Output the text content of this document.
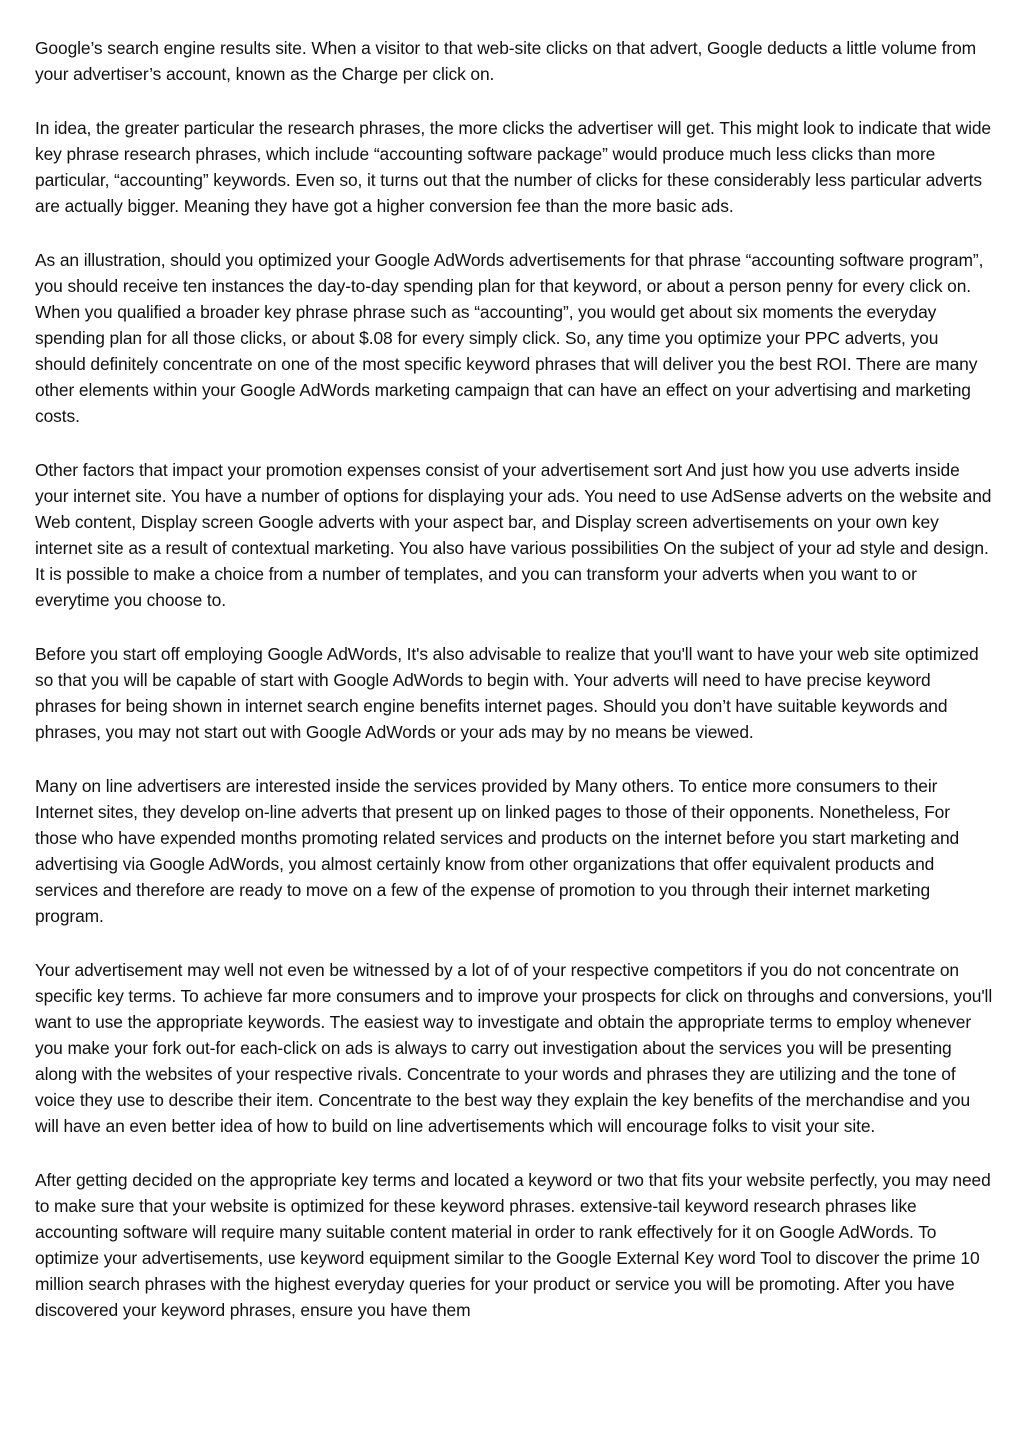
Google’s search engine results site. When a visitor to that web-site clicks on that advert, Google deducts a little volume from your advertiser’s account, known as the Charge per click on.

In idea, the greater particular the research phrases, the more clicks the advertiser will get. This might look to indicate that wide key phrase research phrases, which include “accounting software package” would produce much less clicks than more particular, “accounting” keywords. Even so, it turns out that the number of clicks for these considerably less particular adverts are actually bigger. Meaning they have got a higher conversion fee than the more basic ads.

As an illustration, should you optimized your Google AdWords advertisements for that phrase “accounting software program”, you should receive ten instances the day-to-day spending plan for that keyword, or about a person penny for every click on. When you qualified a broader key phrase phrase such as “accounting”, you would get about six moments the everyday spending plan for all those clicks, or about $.08 for every simply click. So, any time you optimize your PPC adverts, you should definitely concentrate on one of the most specific keyword phrases that will deliver you the best ROI. There are many other elements within your Google AdWords marketing campaign that can have an effect on your advertising and marketing costs.

Other factors that impact your promotion expenses consist of your advertisement sort And just how you use adverts inside your internet site. You have a number of options for displaying your ads. You need to use AdSense adverts on the website and Web content, Display screen Google adverts with your aspect bar, and Display screen advertisements on your own key internet site as a result of contextual marketing. You also have various possibilities On the subject of your ad style and design. It is possible to make a choice from a number of templates, and you can transform your adverts when you want to or everytime you choose to.

Before you start off employing Google AdWords, It's also advisable to realize that you'll want to have your web site optimized so that you will be capable of start with Google AdWords to begin with. Your adverts will need to have precise keyword phrases for being shown in internet search engine benefits internet pages. Should you don’t have suitable keywords and phrases, you may not start out with Google AdWords or your ads may by no means be viewed.

Many on line advertisers are interested inside the services provided by Many others. To entice more consumers to their Internet sites, they develop on-line adverts that present up on linked pages to those of their opponents. Nonetheless, For those who have expended months promoting related services and products on the internet before you start marketing and advertising via Google AdWords, you almost certainly know from other organizations that offer equivalent products and services and therefore are ready to move on a few of the expense of promotion to you through their internet marketing program.

Your advertisement may well not even be witnessed by a lot of of your respective competitors if you do not concentrate on specific key terms. To achieve far more consumers and to improve your prospects for click on throughs and conversions, you'll want to use the appropriate keywords. The easiest way to investigate and obtain the appropriate terms to employ whenever you make your fork out-for each-click on ads is always to carry out investigation about the services you will be presenting along with the websites of your respective rivals. Concentrate to your words and phrases they are utilizing and the tone of voice they use to describe their item. Concentrate to the best way they explain the key benefits of the merchandise and you will have an even better idea of how to build on line advertisements which will encourage folks to visit your site.

After getting decided on the appropriate key terms and located a keyword or two that fits your website perfectly, you may need to make sure that your website is optimized for these keyword phrases. extensive-tail keyword research phrases like accounting software will require many suitable content material in order to rank effectively for it on Google AdWords. To optimize your advertisements, use keyword equipment similar to the Google External Key word Tool to discover the prime 10 million search phrases with the highest everyday queries for your product or service you will be promoting. After you have discovered your keyword phrases, ensure you have them
